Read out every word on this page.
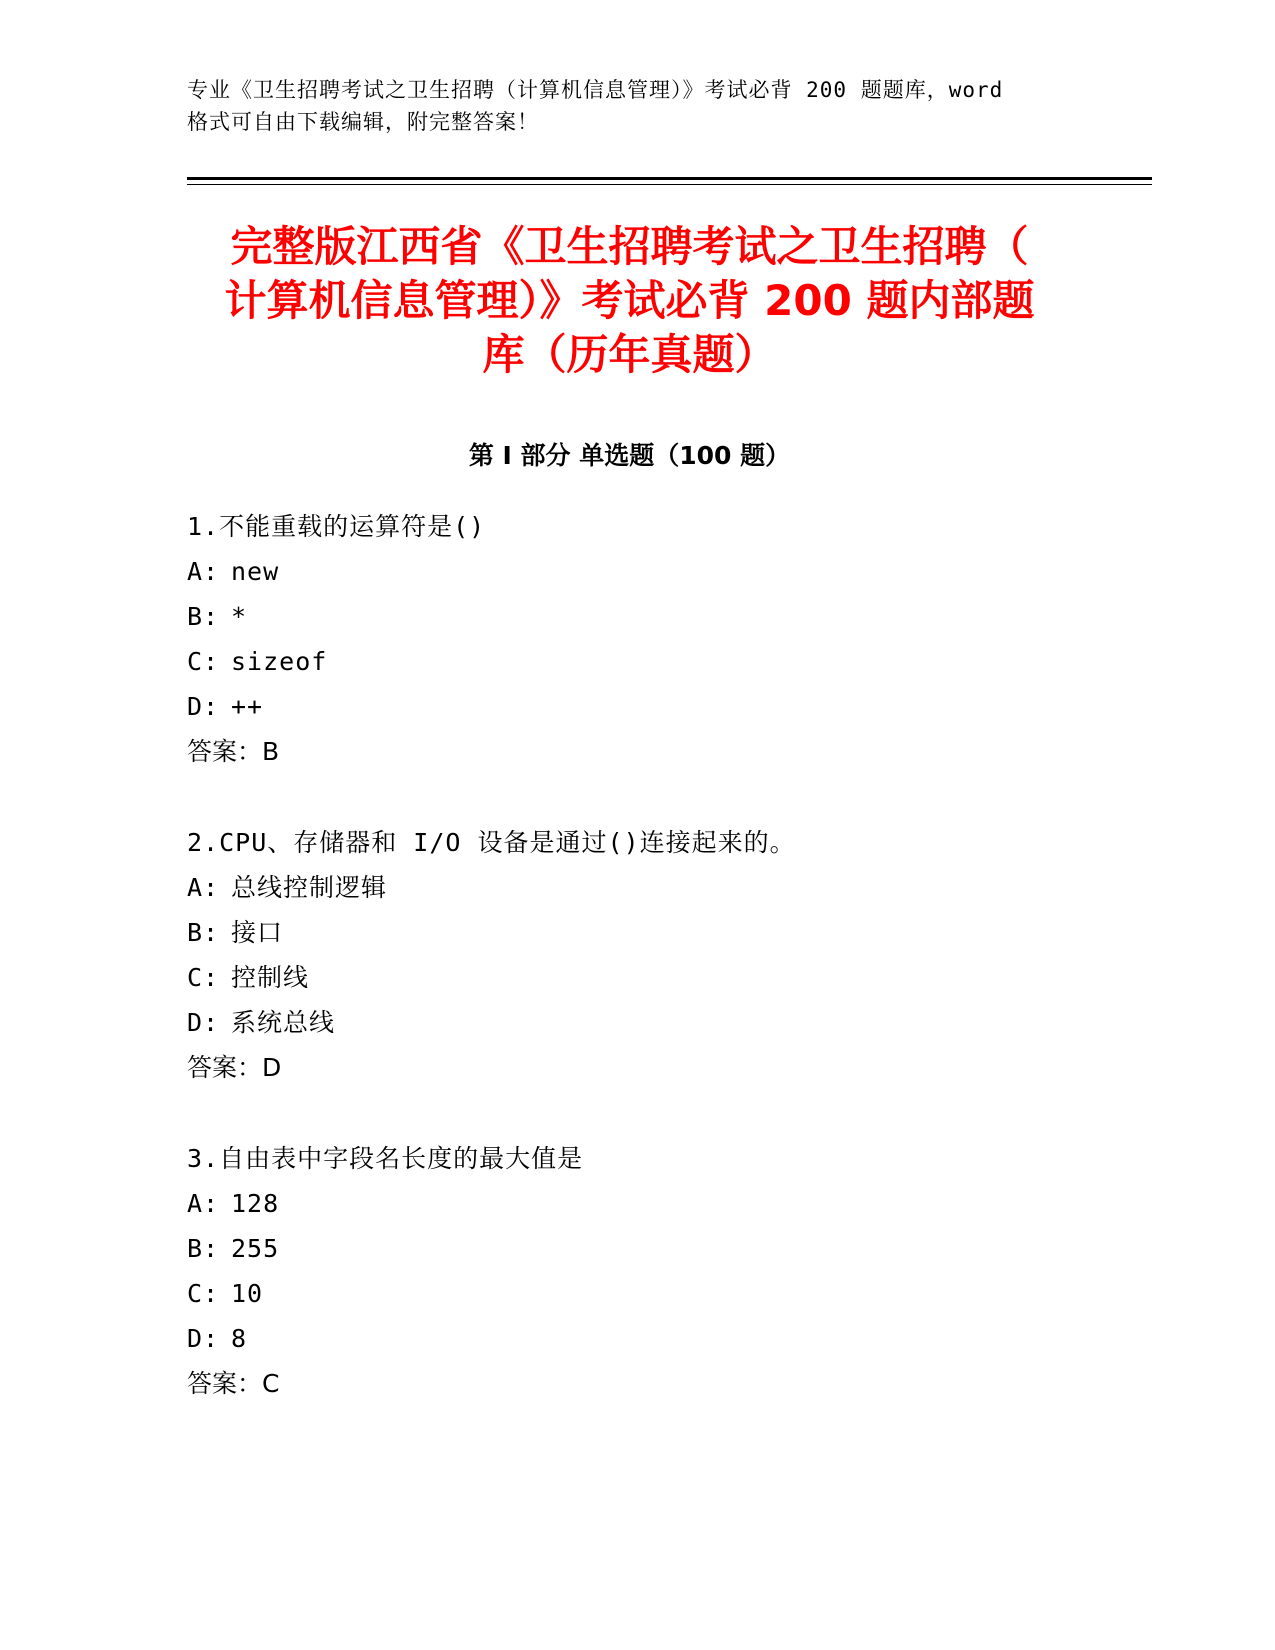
专业《卫生招聘考试之卫生招聘（计算机信息管理）》考试必背 200 题题库，word
格式可自由下载编辑，附完整答案！
完整版江西省《卫生招聘考试之卫生招聘（
计算机信息管理）》考试必背 200 题内部题
库（历年真题）
第 I 部分 单选题（100 题）
1.不能重载的运算符是()
A: new
B: *
C: sizeof
D: ++
答案：B
2.CPU、存储器和 I/O 设备是通过()连接起来的。
A: 总线控制逻辑
B: 接口
C: 控制线
D: 系统总线
答案：D
3.自由表中字段名长度的最大值是
A: 128
B: 255
C: 10
D: 8
答案：C
